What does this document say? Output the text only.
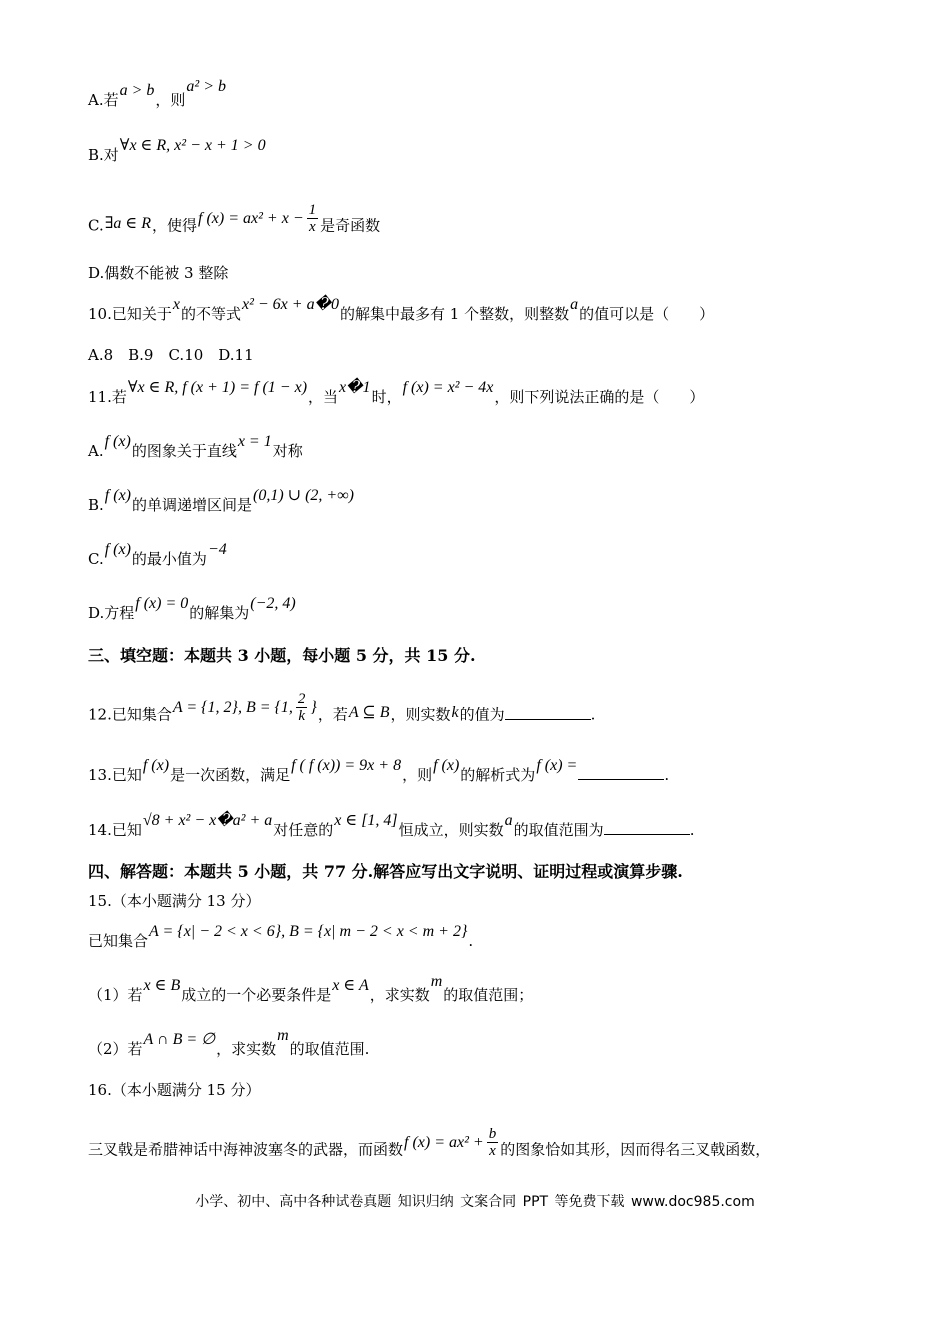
A.若a > b，则a² > b
B.对∀x ∈ R, x² − x + 1 > 0
C.∃a ∈ R，使得f $(x) = ax^2 + x - \frac{1}{x}$ 是奇函数
D.偶数不能被 3 整除
10.已知关于x的不等式x² − 6x + a�0的解集中最多有 1 个整数，则整数a的值可以是（　　）
A.8　B.9　C.10　D.11
11.若∀x ∈ R, f (x + 1) = f (1 − x)，当x�1时，f (x) = x² − 4x，则下列说法正确的是（　　）
A.f (x)的图象关于直线x = 1对称
B.f (x)的单调递增区间是(0,1) ∪ (2, +∞)
C.f (x)的最小值为−4
D.方程f (x) = 0的解集为(−2, 4)
三、填空题：本题共 3 小题，每小题 5 分，共 15 分.
12.已知集合A = {1, 2}, B = {1, $\frac{2}{k}$ }，若A ⊆ B，则实数k的值为	.
13.已知f (x)是一次函数，满足f ( f (x)) = 9x + 8，则f (x)的解析式为f (x) =.
14.已知√8 + x² − x�a² + a对任意的x ∈ [1, 4]恒成立，则实数a的取值范围为	.
四、解答题：本题共 5 小题，共 77 分.解答应写出文字说明、证明过程或演算步骤.
15.（本小题满分 13 分）
已知集合A = {x| − 2 < x < 6}, B = {x| m − 2 < x < m + 2}.
（1）若x ∈ B成立的一个必要条件是x ∈ A，求实数m的取值范围；
（2）若A ∩ B = ∅，求实数m的取值范围.
16.（本小题满分 15 分）
三叉戟是希腊神话中海神波塞冬的武器，而函数f $(x) = ax^2 + \frac{b}{x}$ 的图象恰如其形，因而得名三叉戟函数，
小学、初中、高中各种试卷真题 知识归纳 文案合同 PPT 等免费下载 www.doc985.com
